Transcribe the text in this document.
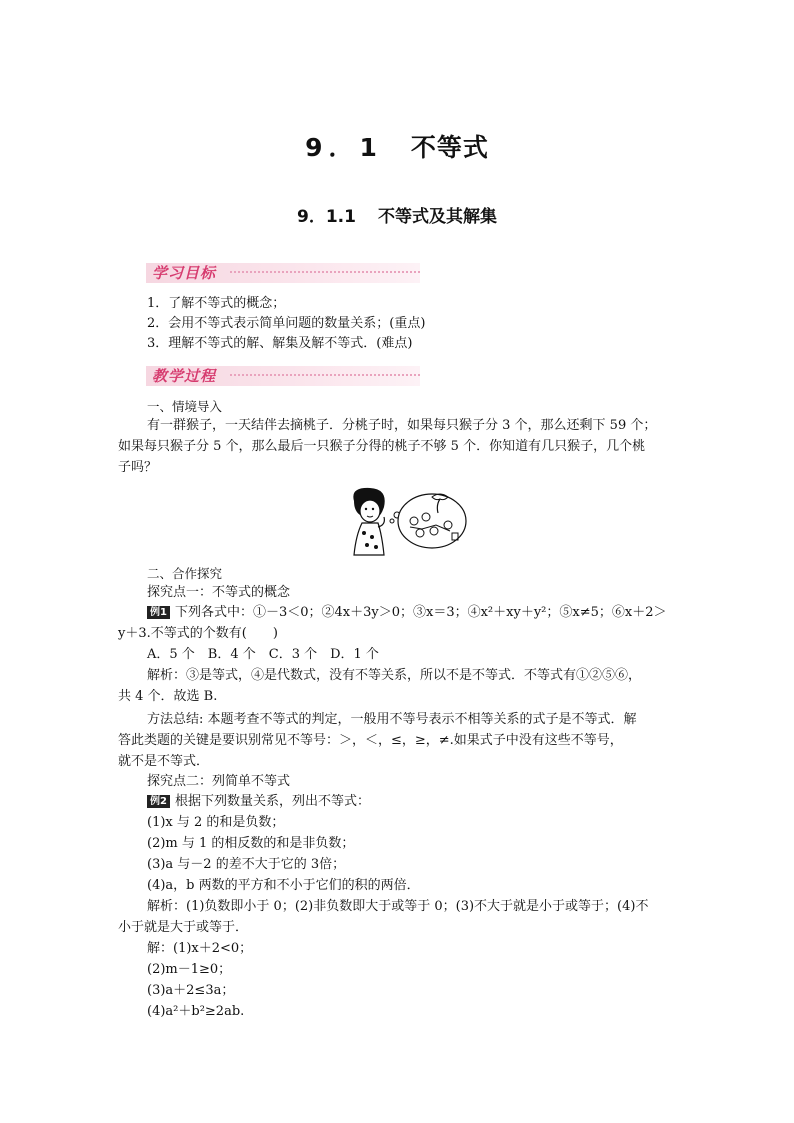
9．1 不等式
9．1.1 不等式及其解集
学习目标
1．了解不等式的概念；
2．会用不等式表示简单问题的数量关系；(重点)
3．理解不等式的解、解集及解不等式．(难点)
教学过程
一、情境导入
有一群猴子，一天结伴去摘桃子．分桃子时，如果每只猴子分 3 个，那么还剩下 59 个；
如果每只猴子分 5 个，那么最后一只猴子分得的桃子不够 5 个．你知道有几只猴子，几个桃
子吗？
二、合作探究
探究点一：不等式的概念
例1 下列各式中：①－3＜0；②4x＋3y＞0；③x＝3；④x²＋xy＋y²；⑤x≠5；⑥x＋2＞
y＋3.不等式的个数有(　　)
A．5 个　B．4 个　C．3 个　D．1 个
解析：③是等式，④是代数式，没有不等关系，所以不是不等式．不等式有①②⑤⑥，
共 4 个．故选 B.
方法总结: 本题考查不等式的判定，一般用不等号表示不相等关系的式子是不等式．解
答此类题的关键是要识别常见不等号：＞，＜，≤，≥，≠.如果式子中没有这些不等号，
就不是不等式．
探究点二：列简单不等式
例2 根据下列数量关系，列出不等式：
(1)x 与 2 的和是负数；
(2)m 与 1 的相反数的和是非负数；
(3)a 与－2 的差不大于它的 3倍；
(4)a，b 两数的平方和不小于它们的积的两倍．
解析：(1)负数即小于 0；(2)非负数即大于或等于 0；(3)不大于就是小于或等于；(4)不
小于就是大于或等于．
解：(1)x＋2<0；
(2)m－1≥0；
(3)a＋2≤3a；
(4)a²＋b²≥2ab.
